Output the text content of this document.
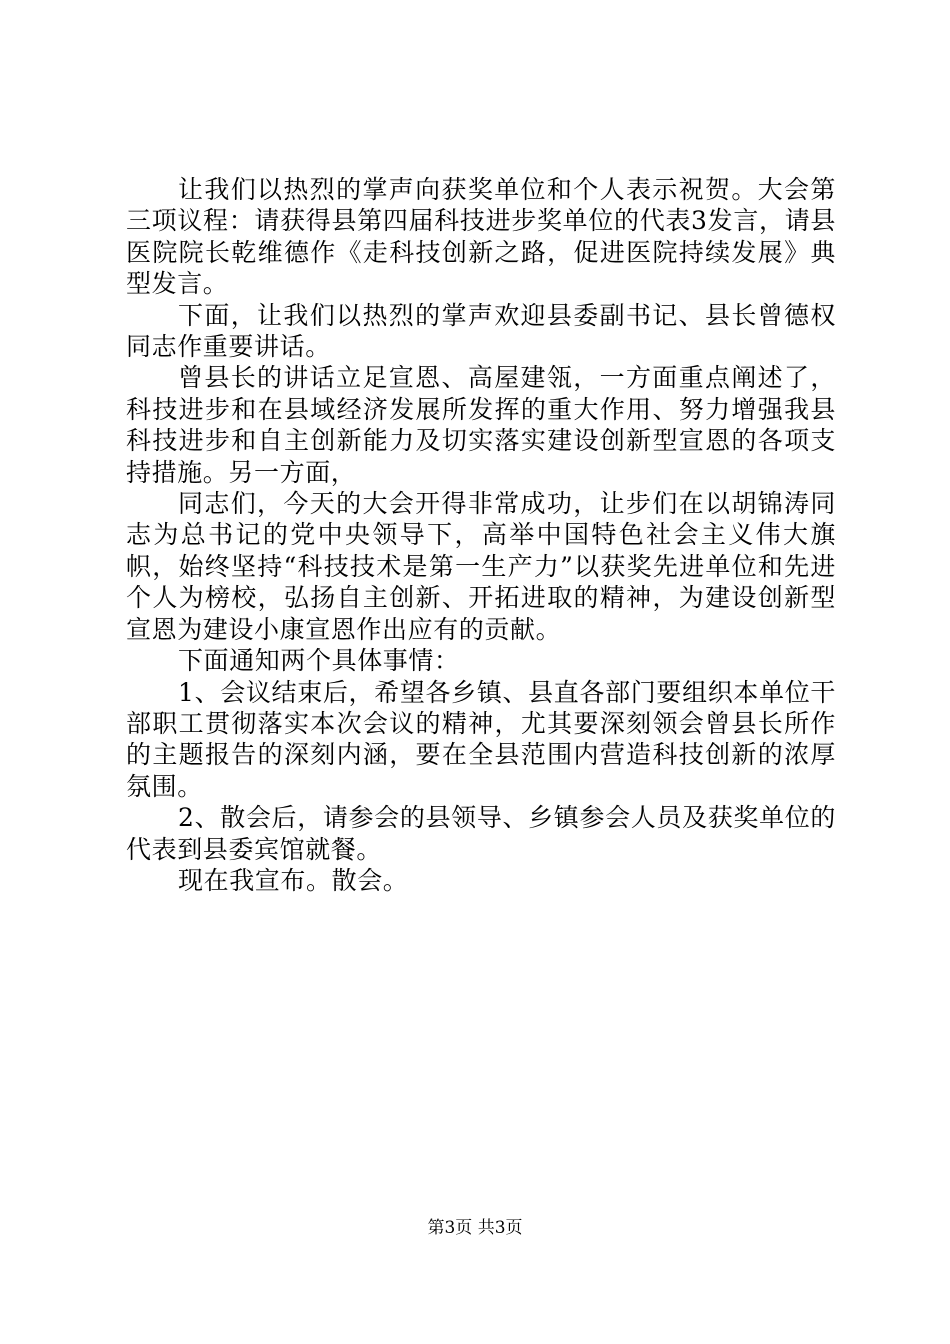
让我们以热烈的掌声向获奖单位和个人表示祝贺。大会第三项议程：请获得县第四届科技进步奖单位的代表3发言，请县医院院长乾维德作《走科技创新之路，促进医院持续发展》典型发言。

下面，让我们以热烈的掌声欢迎县委副书记、县长曾德权同志作重要讲话。

曾县长的讲话立足宣恩、高屋建瓴，一方面重点阐述了，科技进步和在县域经济发展所发挥的重大作用、努力增强我县科技进步和自主创新能力及切实落实建设创新型宣恩的各项支持措施。另一方面，

同志们，今天的大会开得非常成功，让步们在以胡锦涛同志为总书记的党中央领导下，高举中国特色社会主义伟大旗帜，始终坚持“科技技术是第一生产力”以获奖先进单位和先进个人为榜校，弘扬自主创新、开拓进取的精神，为建设创新型宣恩为建设小康宣恩作出应有的贡献。

下面通知两个具体事情：

1、会议结束后，希望各乡镇、县直各部门要组织本单位干部职工贯彻落实本次会议的精神，尤其要深刻领会曾县长所作的主题报告的深刻内涵，要在全县范围内营造科技创新的浓厚氛围。

2、散会后，请参会的县领导、乡镇参会人员及获奖单位的代表到县委宾馆就餐。

现在我宣布。散会。

第3页 共3页
